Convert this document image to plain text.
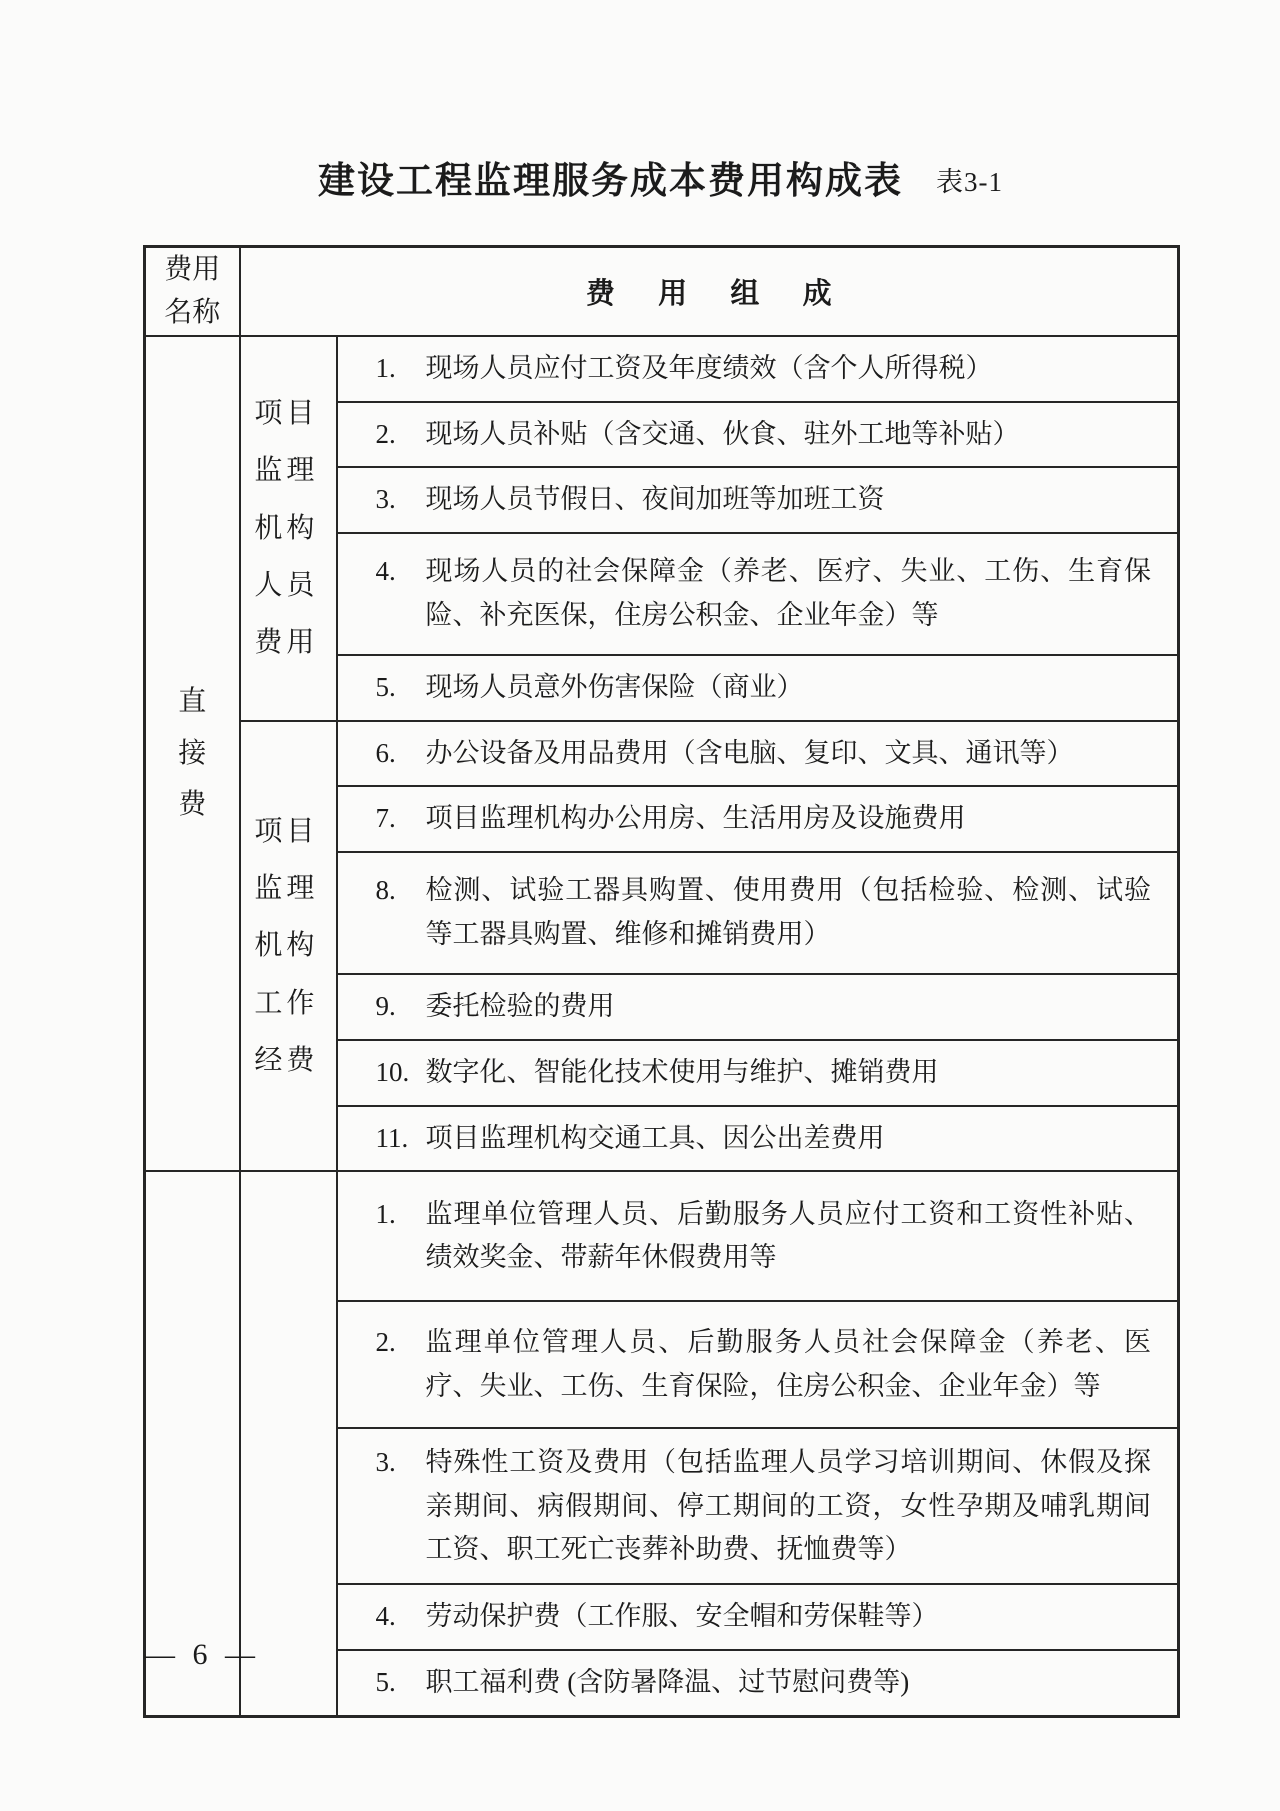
建设工程监理服务成本费用构成表 表3-1
费用名称	费 用 组 成	

直接费	项目监理机构人员费用	1. 现场人员应付工资及年度绩效（含个人所得税）

		2. 现场人员补贴（含交通、伙食、驻外工地等补贴）

		3. 现场人员节假日、夜间加班等加班工资

		4. 现场人员的社会保障金（养老、医疗、失业、工伤、生育保险、补充医保，住房公积金、企业年金）等

		5. 现场人员意外伤害保险（商业）

	项目监理机构工作经费	6. 办公设备及用品费用（含电脑、复印、文具、通讯等）

		7. 项目监理机构办公用房、生活用房及设施费用

		8. 检测、试验工器具购置、使用费用（包括检验、检测、试验等工器具购置、维修和摊销费用）

		9. 委托检验的费用

		10. 数字化、智能化技术使用与维护、摊销费用

		11. 项目监理机构交通工具、因公出差费用

		1. 监理单位管理人员、后勤服务人员应付工资和工资性补贴、绩效奖金、带薪年休假费用等

		2. 监理单位管理人员、后勤服务人员社会保障金（养老、医疗、失业、工伤、生育保险，住房公积金、企业年金）等

		3. 特殊性工资及费用（包括监理人员学习培训期间、休假及探亲期间、病假期间、停工期间的工资，女性孕期及哺乳期间工资、职工死亡丧葬补助费、抚恤费等）

		4. 劳动保护费（工作服、安全帽和劳保鞋等）

		5. 职工福利费 (含防暑降温、过节慰问费等)
— 6 —
